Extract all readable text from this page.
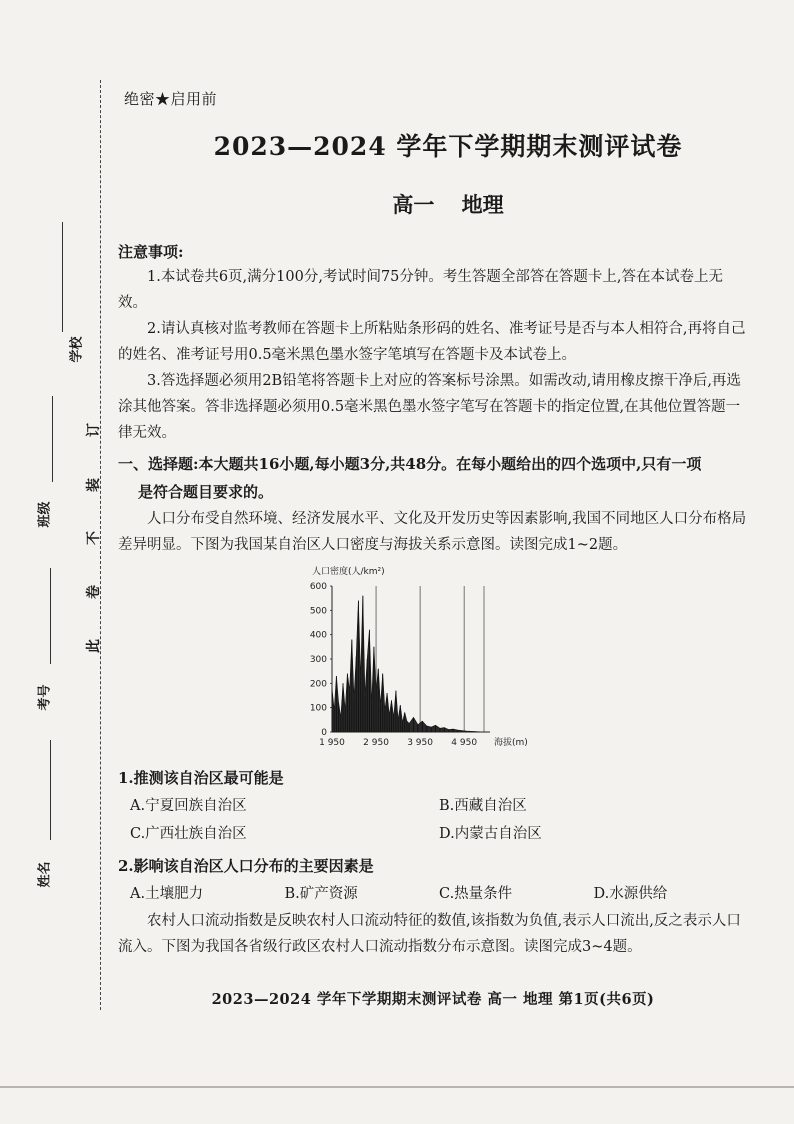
学校
班级
考号
姓名
订
装
不
卷
此
绝密★启用前
2023—2024 学年下学期期末测评试卷
高一 地理
注意事项:

1.本试卷共6页,满分100分,考试时间75分钟。考生答题全部答在答题卡上,答在本试卷上无效。

2.请认真核对监考教师在答题卡上所粘贴条形码的姓名、准考证号是否与本人相符合,再将自己的姓名、准考证号用0.5毫米黑色墨水签字笔填写在答题卡及本试卷上。

3.答选择题必须用2B铅笔将答题卡上对应的答案标号涂黑。如需改动,请用橡皮擦干净后,再选涂其他答案。答非选择题必须用0.5毫米黑色墨水签字笔写在答题卡的指定位置,在其他位置答题一律无效。

一、选择题:本大题共16小题,每小题3分,共48分。在每小题给出的四个选项中,只有一项
是符合题目要求的。

人口分布受自然环境、经济发展水平、文化及开发历史等因素影响,我国不同地区人口分布格局差异明显。下图为我国某自治区人口密度与海拔关系示意图。读图完成1~2题。

人口密度(人/km²)
600
500
400
300
200
100
0
1 950 2 950 3 950 4 950 海拔(m)
1.推测该自治区最可能是
A.宁夏回族自治区	B.西藏自治区
C.广西壮族自治区	D.内蒙古自治区
2.影响该自治区人口分布的主要因素是
A.土壤肥力	B.矿产资源	C.热量条件	D.水源供给

农村人口流动指数是反映农村人口流动特征的数值,该指数为负值,表示人口流出,反之表示人口流入。下图为我国各省级行政区农村人口流动指数分布示意图。读图完成3~4题。

2023—2024 学年下学期期末测评试卷 高一 地理 第1页(共6页)
